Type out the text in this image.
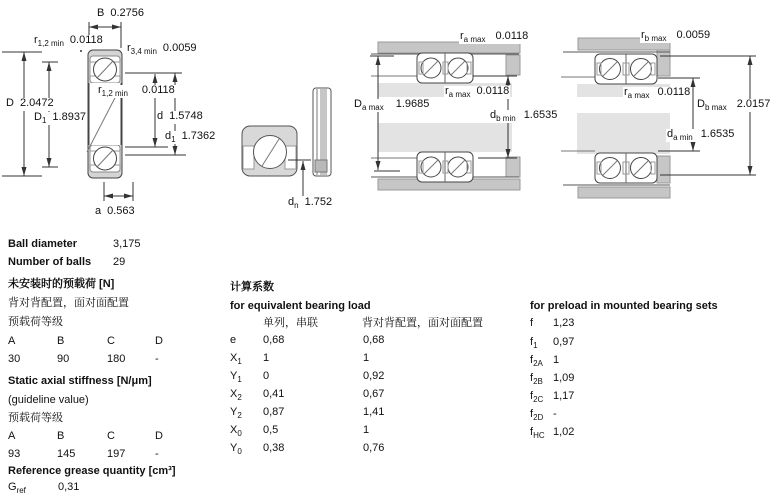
B 0.2756
$r_{1,2 min}$ 0.0118
$r_{3,4 min}$ 0.0059
D 2.0472
$D_1$ 1.8937
$r_{1,2 min}$ 0.0118
d 1.5748
$d_1$ 1.7362
a 0.563
$d_n$ 1.752
$r_{a max}$ 0.0118
$r_{a max}$ 0.0118
$D_{a max}$ 1.9685
$d_{b min}$ 1.6535
$r_{b max}$ 0.0059
$r_{a max}$ 0.0118
$D_{b max}$ 2.0157
$d_{a min}$ 1.6535
Ball diameter	3,175
Number of balls 29
未安装时的预载荷 [N]
背对背配置，面对面配置
预载荷等级
A	B	C	D
30	90	180	-
Static axial stiffness [N/μm]
(guideline value)
预载荷等级
A	B	C	D
93	145	197	-
Reference grease quantity [cm³]
$G_{ref}$	0,31
计算系数
for equivalent bearing load
单列，串联	背对背配置，面对面配置
e 0,68	0,68
$X_1$ 1	1
$Y_1$ 0	0,92
$X_2$ 0,41	0,67
$Y_2$ 0,87	1,41
$X_0$ 0,5	1
$Y_0$ 0,38	0,76
for preload in mounted bearing sets
f 1,23
$f_1$ 0,97
$f_{2A}$ 1
$f_{2B}$ 1,09
$f_{2C}$ 1,17
$f_{2D}$ -
$f_{HC}$ 1,02
